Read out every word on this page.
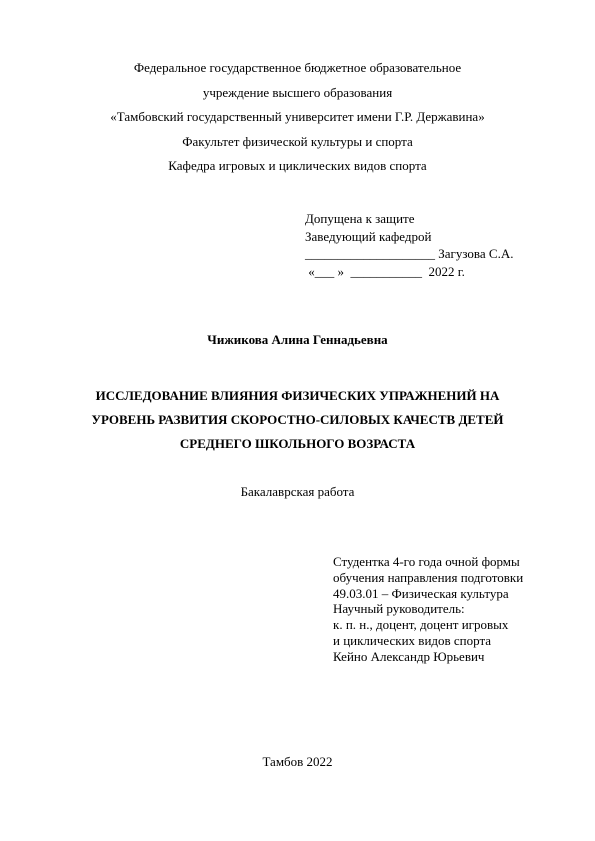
Федеральное государственное бюджетное образовательное
учреждение высшего образования
«Тамбовский государственный университет имени Г.Р. Державина»
Факультет физической культуры и спорта
Кафедра игровых и циклических видов спорта
Допущена к защите
Заведующий кафедрой
____________________ Загузова С.А.
«___ »  ___________  2022 г.
Чижикова Алина Геннадьевна
ИССЛЕДОВАНИЕ ВЛИЯНИЯ ФИЗИЧЕСКИХ УПРАЖНЕНИЙ НА
УРОВЕНЬ РАЗВИТИЯ СКОРОСТНО-СИЛОВЫХ КАЧЕСТВ ДЕТЕЙ
СРЕДНЕГО ШКОЛЬНОГО ВОЗРАСТА
Бакалаврская работа
Студентка 4-го года очной формы
обучения направления подготовки
49.03.01 – Физическая культура
Научный руководитель:
к. п. н., доцент, доцент игровых
и циклических видов спорта
Кейно Александр Юрьевич
Тамбов 2022
